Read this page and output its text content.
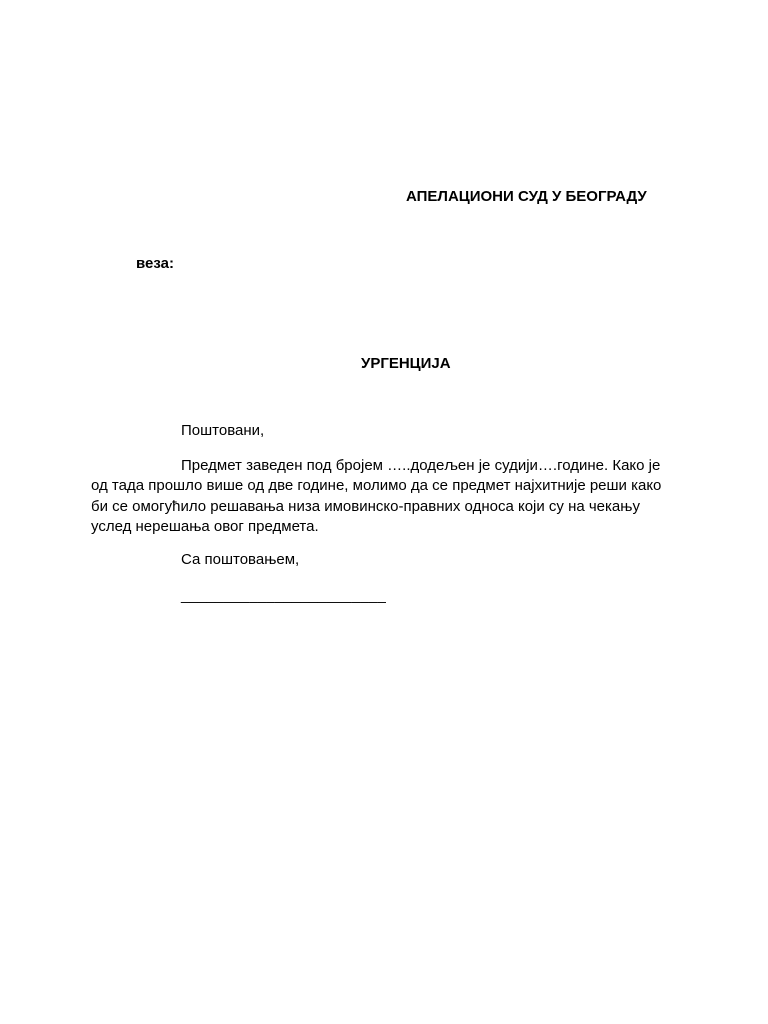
АПЕЛАЦИОНИ СУД У БЕОГРАДУ
веза:
УРГЕНЦИЈА
Поштовани,

Предмет заведен под бројем …..додељен је судији….године. Како је од тада прошло више од две године, молимо да се предмет најхитније реши како би се омогућило решавања низа имовинско-правних односа који су на чекању услед нерешања овог предмета.

Са поштовањем,
________________________
